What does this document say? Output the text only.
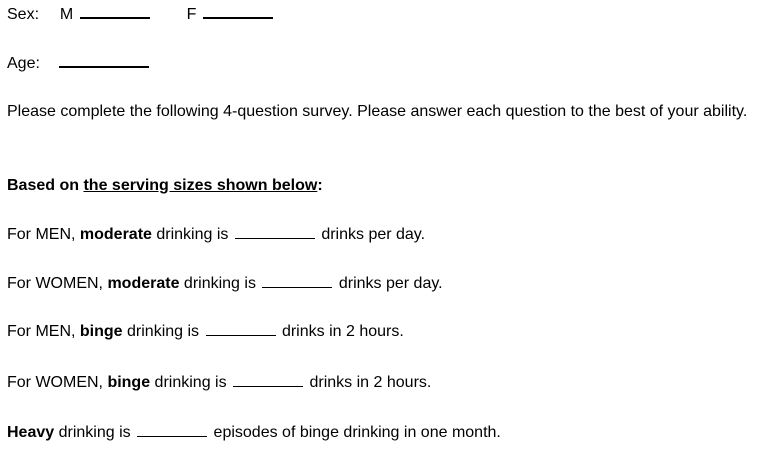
Sex: M	F
Age:
Please complete the following 4-question survey. Please answer each question to the best of your ability.
Based on the serving sizes shown below:
For MEN, moderate drinking is	drinks per day.
For WOMEN, moderate drinking is	drinks per day.
For MEN, binge drinking is	drinks in 2 hours.
For WOMEN, binge drinking is	drinks in 2 hours.
Heavy drinking is	episodes of binge drinking in one month.
